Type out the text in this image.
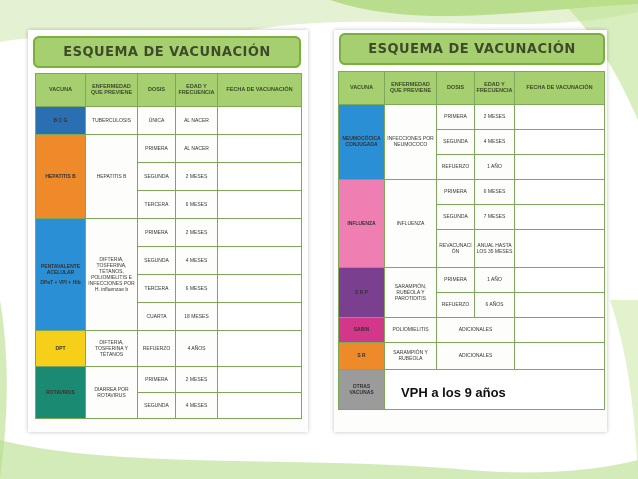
ESQUEMA DE VACUNACIÓN
VACUNA	ENFERMEDAD QUE PREVIENE	DOSIS	EDAD Y FRECUENCIA	FECHA DE VACUNACIÓN
B C G	TUBERCULOSIS	ÚNICA	AL NACER	
HEPATITIS B	HEPATITIS B	PRIMERA	AL NACER	
		SEGUNDA	2 MESES	
		TERCERA	6 MESES	

PENTAVALENTE ACELULAR
DPaT + VPI + Hib	DIFTERIA, TOSFERINA, TÉTANOS, POLIOMIELITIS E INFECCIONES POR H. influenzae b	PRIMERA	2 MESES	
		SEGUNDA	4 MESES	
		TERCERA	6 MESES	
		CUARTA	18 MESES	
DPT	DIFTERIA, TOSFERINA Y TÉTANOS	REFUERZO	4 AÑOS	
ROTAVIRUS	DIARREA POR ROTAVIRUS	PRIMERA	2 MESES	
		SEGUNDA	4 MESES	
ESQUEMA DE VACUNACIÓN
VACUNA	ENFERMEDAD QUE PREVIENE	DOSIS	EDAD Y FRECUENCIA	FECHA DE VACUNACIÓN
NEUMOCÓCICA CONJUGADA	INFECCIONES POR NEUMOCOCO	PRIMERA	2 MESES	
		SEGUNDA	4 MESES	
		REFUERZO	1 AÑO	
INFLUENZA	INFLUENZA	PRIMERA	6 MESES	
		SEGUNDA	7 MESES	
		REVACUNACIÓN	ANUAL HASTA LOS 35 MESES	
S R P	SARAMPIÓN, RUBÉOLA Y PAROTIDITIS	PRIMERA	1 AÑO	
		REFUERZO	6 AÑOS	
SABIN	POLIOMIELITIS	ADICIONALES		
S R	SARAMPIÓN Y RUBÉOLA	ADICIONALES		
OTRAS VACUNAS				VPH a los 9 años
